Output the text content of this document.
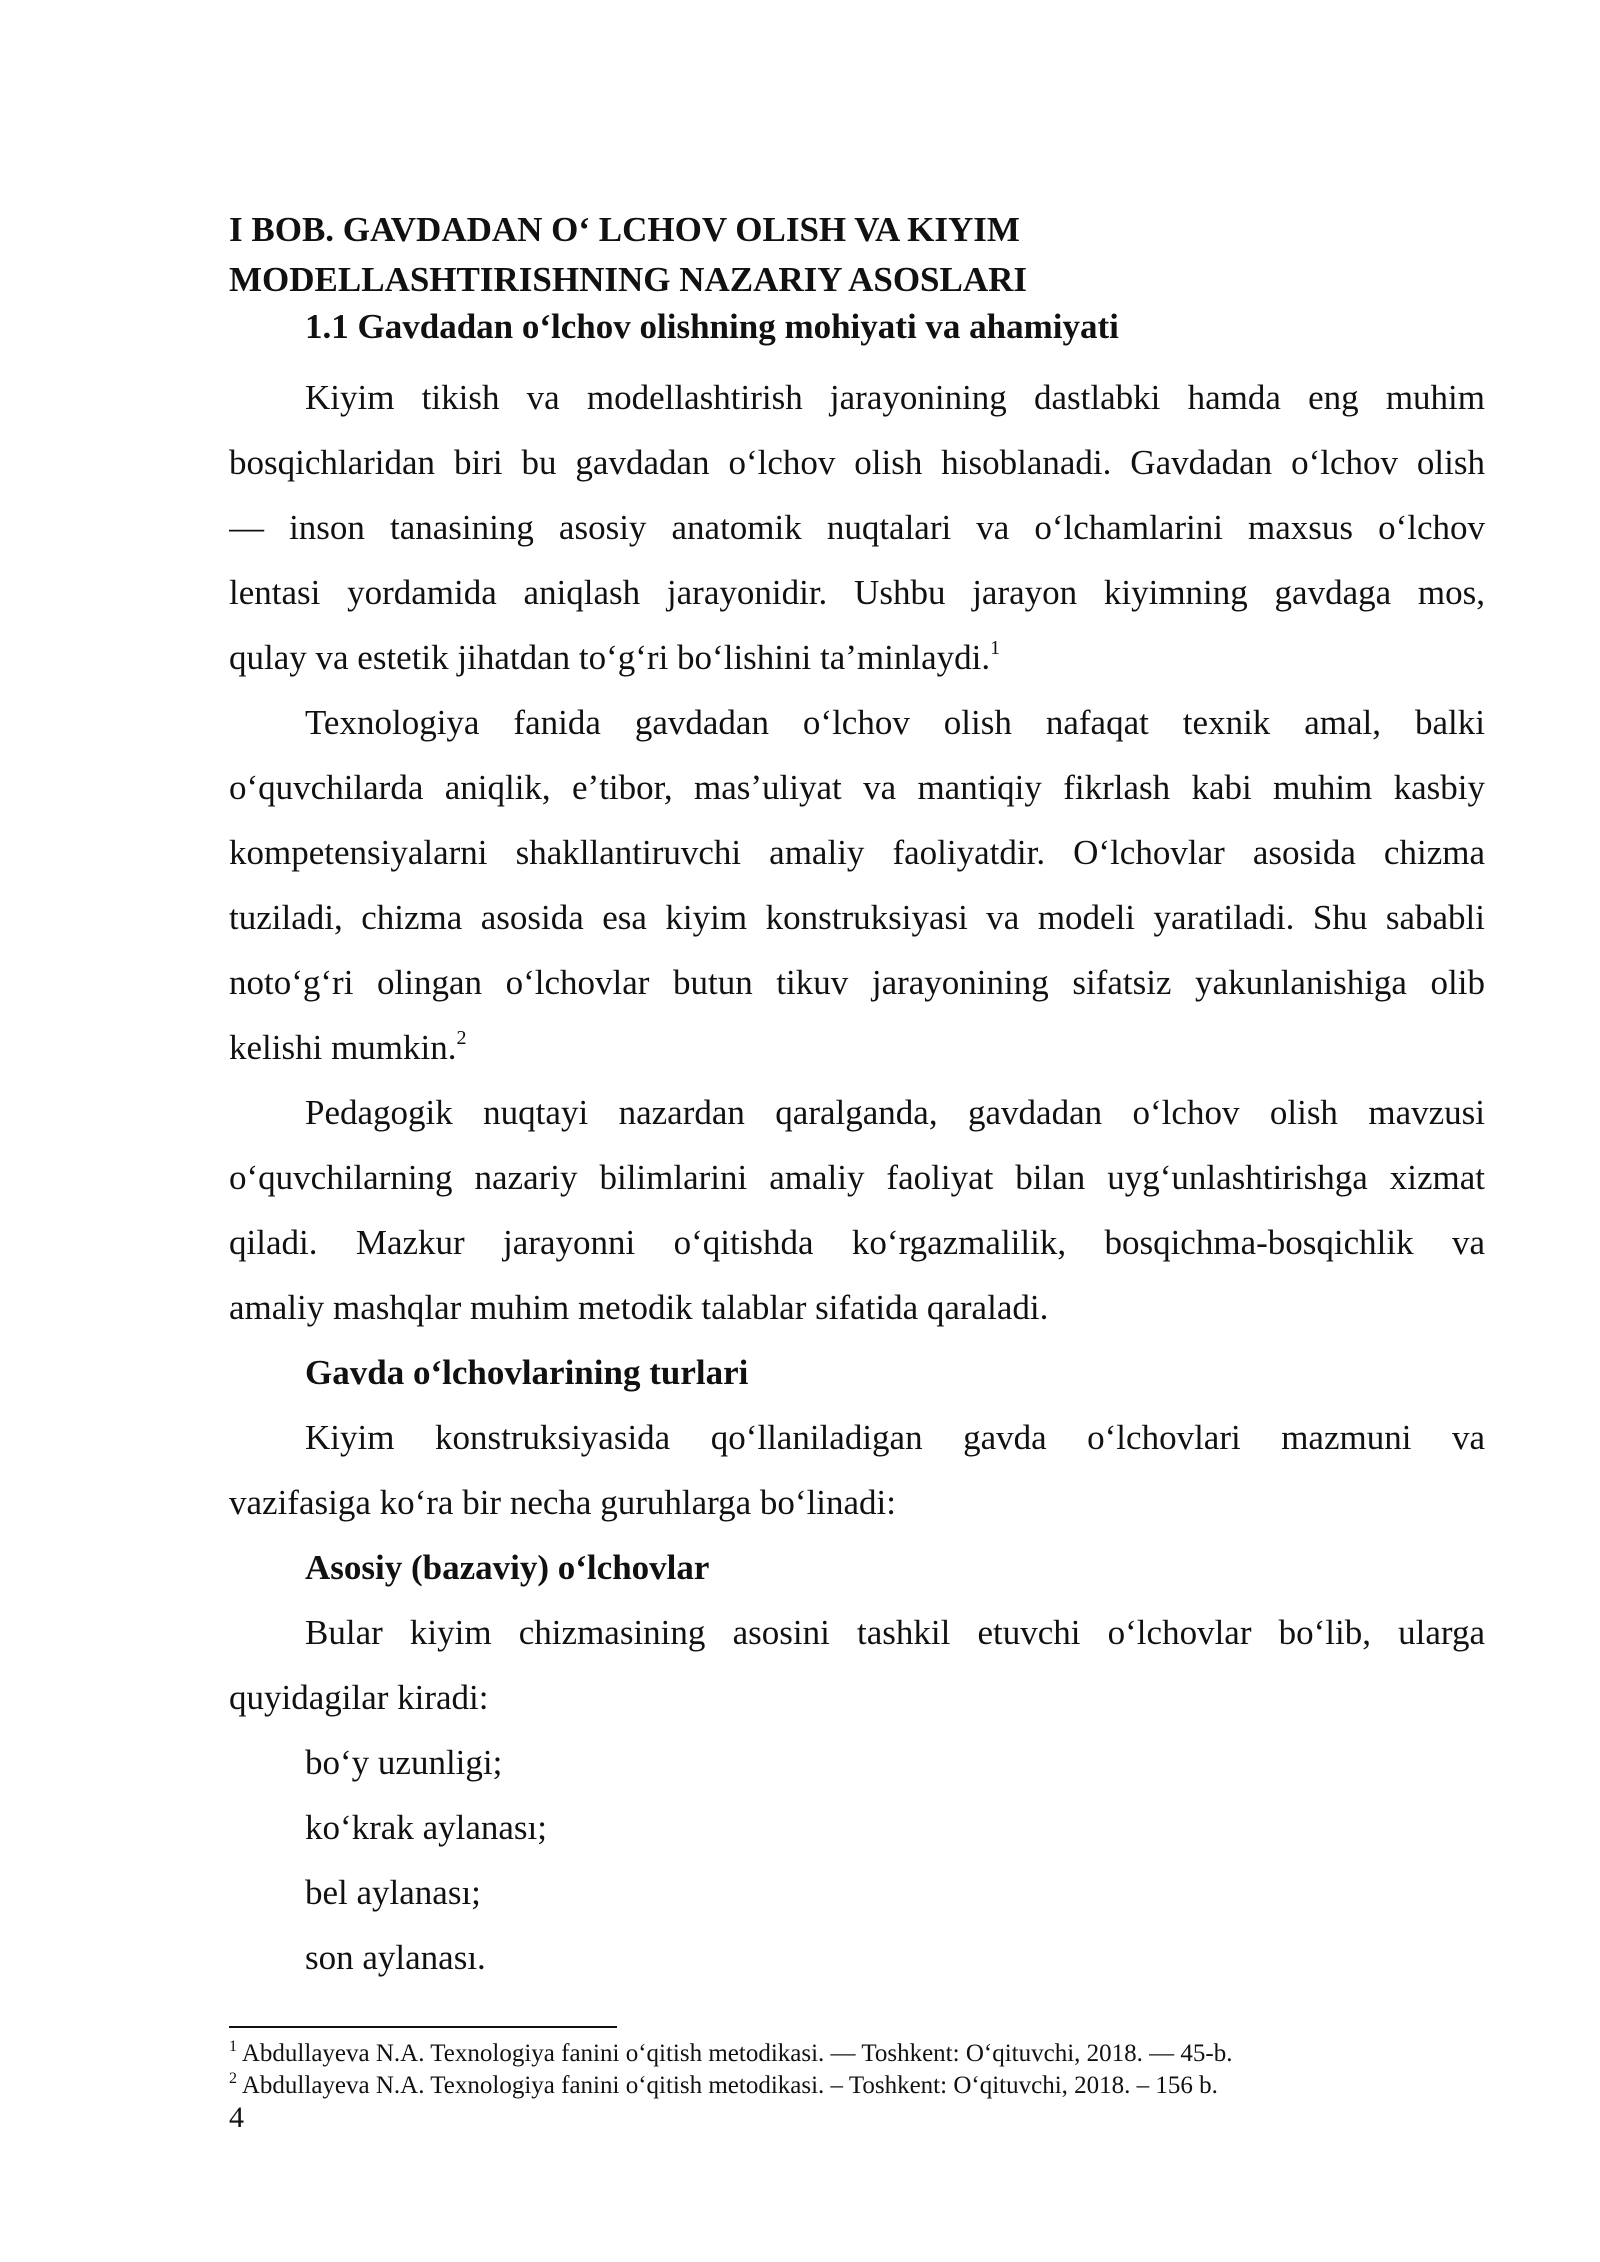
I BOB. GAVDADAN Oʻ LCHOV OLISH VA KIYIM
MODELLASHTIRISHNING NAZARIY ASOSLARI
1.1 Gavdadan oʻlchov olishning mohiyati va ahamiyati
Kiyim tikish va modellashtirish jarayonining dastlabki hamda eng muhim
bosqichlaridan biri bu gavdadan oʻlchov olish hisoblanadi. Gavdadan oʻlchov olish
— inson tanasining asosiy anatomik nuqtalari va oʻlchamlarini maxsus oʻlchov
lentasi yordamida aniqlash jarayonidir. Ushbu jarayon kiyimning gavdaga mos,
qulay va estetik jihatdan toʻgʻri boʻlishini taʼminlaydi.$^1$
Texnologiya fanida gavdadan oʻlchov olish nafaqat texnik amal, balki
oʻquvchilarda aniqlik, eʼtibor, masʼuliyat va mantiqiy fikrlash kabi muhim kasbiy
kompetensiyalarni shakllantiruvchi amaliy faoliyatdir. Oʻlchovlar asosida chizma
tuziladi, chizma asosida esa kiyim konstruksiyasi va modeli yaratiladi. Shu sababli
notoʻgʻri olingan oʻlchovlar butun tikuv jarayonining sifatsiz yakunlanishiga olib
kelishi mumkin.$^2$
Pedagogik nuqtayi nazardan qaralganda, gavdadan oʻlchov olish mavzusi
oʻquvchilarning nazariy bilimlarini amaliy faoliyat bilan uygʻunlashtirishga xizmat
qiladi. Mazkur jarayonni oʻqitishda koʻrgazmalilik, bosqichma-bosqichlik va
amaliy mashqlar muhim metodik talablar sifatida qaraladi.
Gavda oʻlchovlarining turlari
Kiyim konstruksiyasida qoʻllaniladigan gavda oʻlchovlari mazmuni va
vazifasiga koʻra bir necha guruhlarga boʻlinadi:
Asosiy (bazaviy) oʻlchovlar
Bular kiyim chizmasining asosini tashkil etuvchi oʻlchovlar boʻlib, ularga
quyidagilar kiradi:
boʻy uzunligi;
koʻkrak aylanası;
bel aylanası;
son aylanası.
$^1$ Abdullayeva N.A. Texnologiya fanini oʻqitish metodikasi. — Toshkent: Oʻqituvchi, 2018. — 45-b.
$^2$ Abdullayeva N.A. Texnologiya fanini oʻqitish metodikasi. – Toshkent: Oʻqituvchi, 2018. – 156 b.
4
